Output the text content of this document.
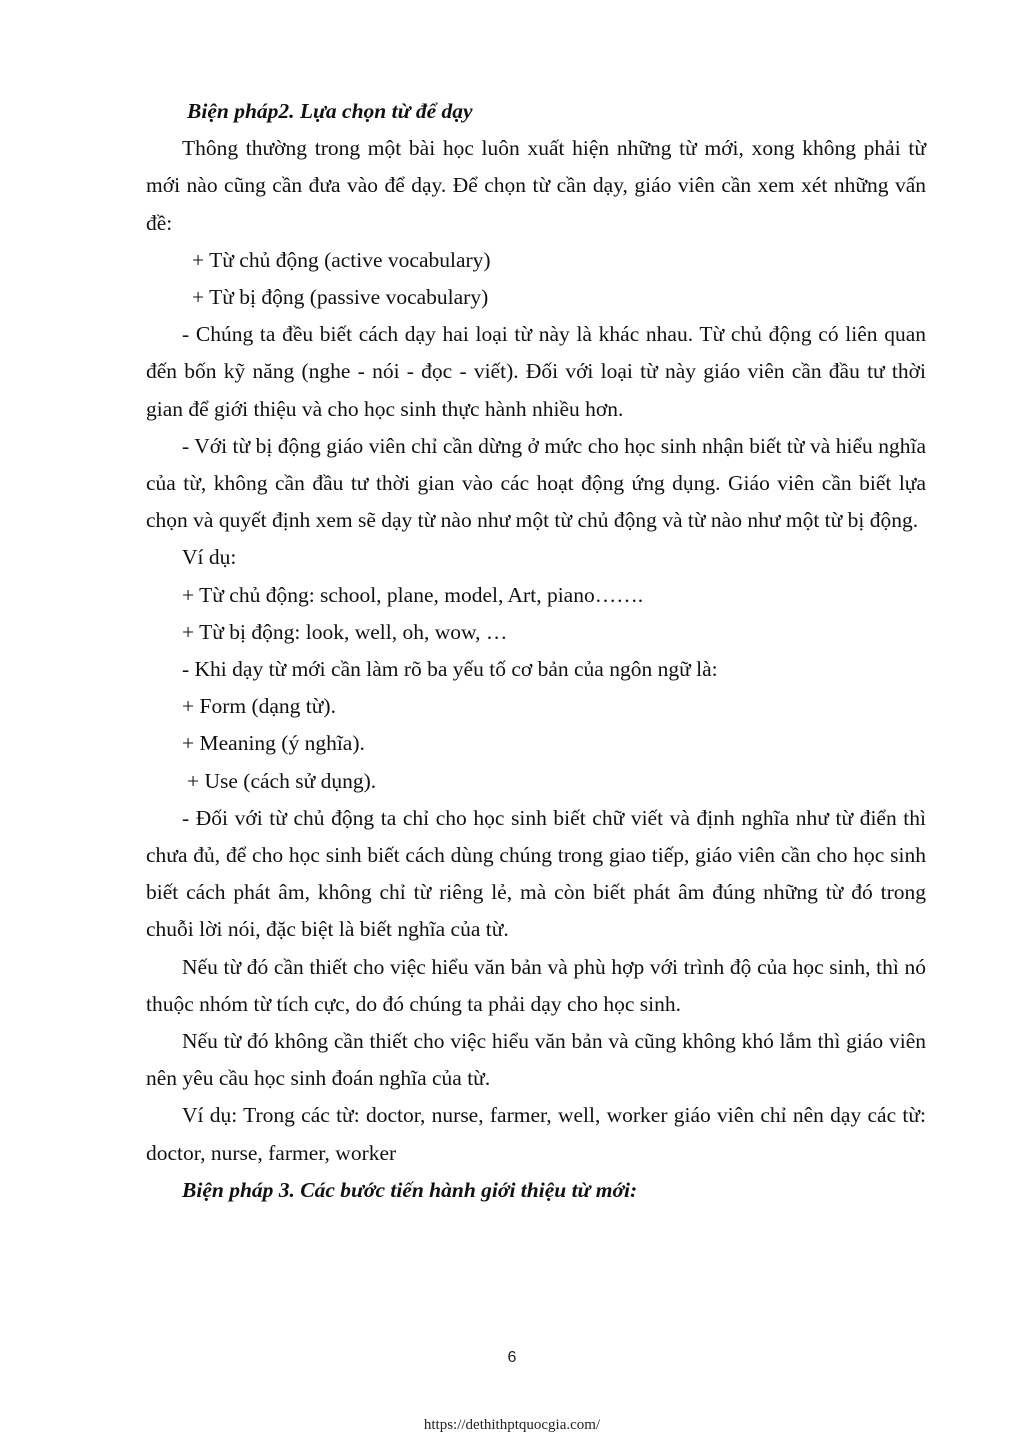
Biện pháp2. Lựa chọn từ để dạy

Thông thường trong một bài học luôn xuất hiện những từ mới, xong không phải từ mới nào cũng cần đưa vào để dạy. Để chọn từ cần dạy, giáo viên cần xem xét những vấn đề:

+ Từ chủ động (active vocabulary)

+ Từ bị động (passive vocabulary)

- Chúng ta đều biết cách dạy hai loại từ này là khác nhau. Từ chủ động có liên quan đến bốn kỹ năng (nghe - nói - đọc - viết). Đối với loại từ này giáo viên cần đầu tư thời gian để giới thiệu và cho học sinh thực hành nhiều hơn.

- Với từ bị động giáo viên chỉ cần dừng ở mức cho học sinh nhận biết từ và hiểu nghĩa của từ, không cần đầu tư thời gian vào các hoạt động ứng dụng. Giáo viên cần biết lựa chọn và quyết định xem sẽ dạy từ nào như một từ chủ động và từ nào như một từ bị động.

Ví dụ:

+ Từ chủ động: school, plane, model, Art, piano…….

+ Từ bị động: look, well, oh, wow, …

- Khi dạy từ mới cần làm rõ ba yếu tố cơ bản của ngôn ngữ là:

+ Form (dạng từ).

+ Meaning (ý nghĩa).

+ Use (cách sử dụng).

- Đối với từ chủ động ta chỉ cho học sinh biết chữ viết và định nghĩa như từ điển thì chưa đủ, để cho học sinh biết cách dùng chúng trong giao tiếp, giáo viên cần cho học sinh biết cách phát âm, không chỉ từ riêng lẻ, mà còn biết phát âm đúng những từ đó trong chuỗi lời nói, đặc biệt là biết nghĩa của từ.

Nếu từ đó cần thiết cho việc hiểu văn bản và phù hợp với trình độ của học sinh, thì nó thuộc nhóm từ tích cực, do đó chúng ta phải dạy cho học sinh.

Nếu từ đó không cần thiết cho việc hiểu văn bản và cũng không khó lắm thì giáo viên nên yêu cầu học sinh đoán nghĩa của từ.

Ví dụ: Trong các từ: doctor, nurse, farmer, well, worker giáo viên chỉ nên dạy các từ: doctor, nurse, farmer, worker

Biện pháp 3. Các bước tiến hành giới thiệu từ mới:

6
https://dethithptquocgia.com/
